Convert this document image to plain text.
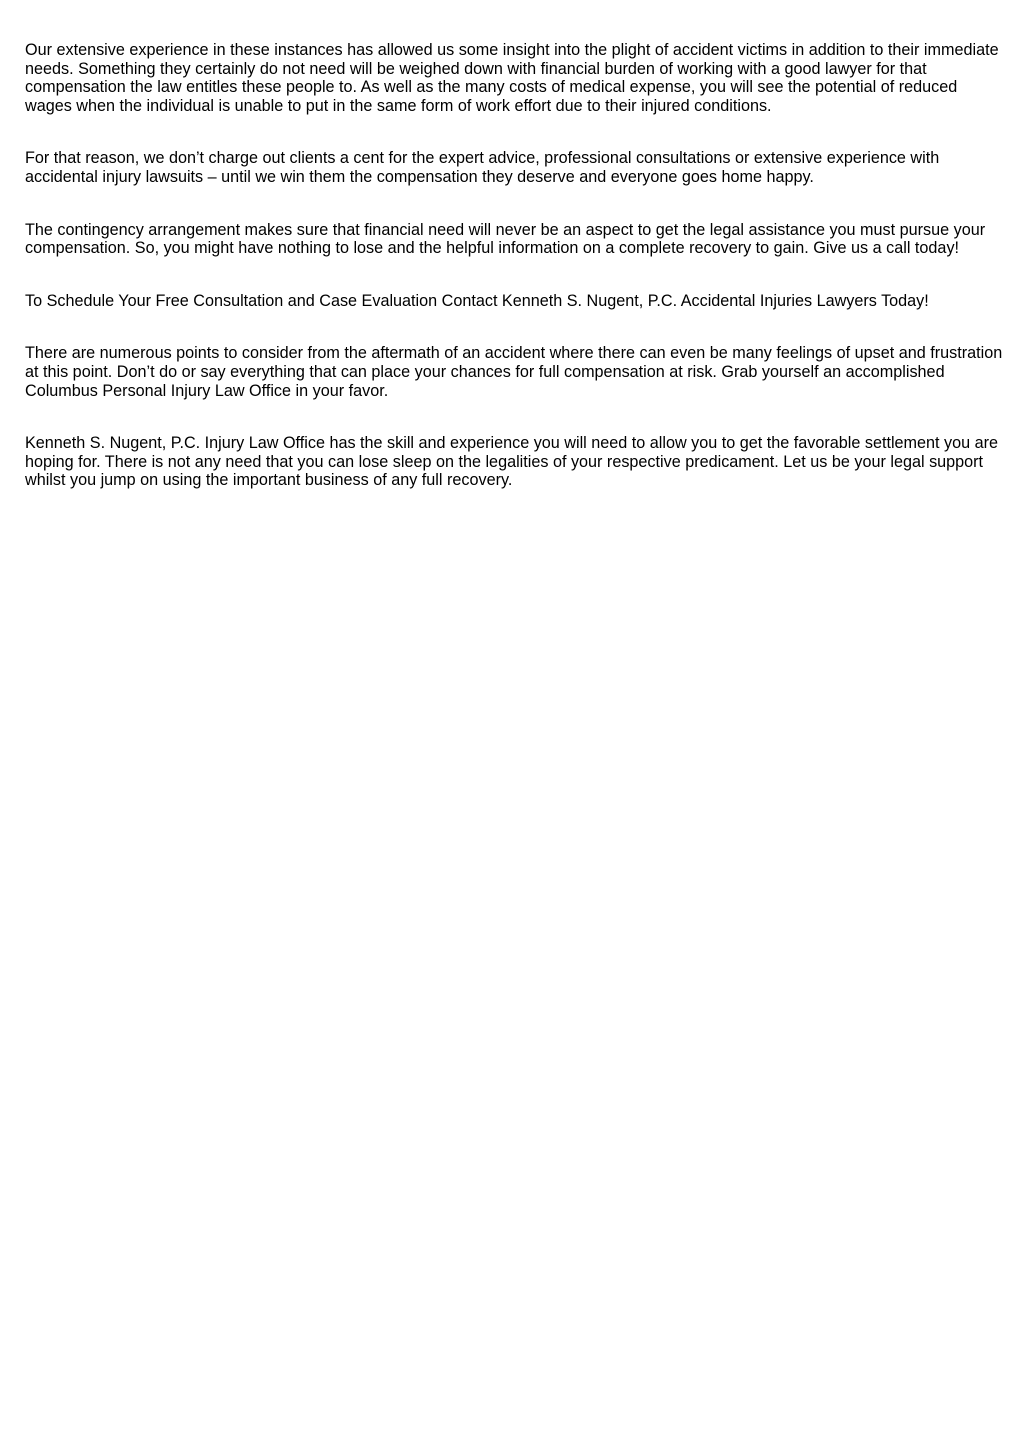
Our extensive experience in these instances has allowed us some insight into the plight of accident victims in addition to their immediate needs. Something they certainly do not need will be weighed down with financial burden of working with a good lawyer for that compensation the law entitles these people to. As well as the many costs of medical expense, you will see the potential of reduced wages when the individual is unable to put in the same form of work effort due to their injured conditions.

For that reason, we don’t charge out clients a cent for the expert advice, professional consultations or extensive experience with accidental injury lawsuits – until we win them the compensation they deserve and everyone goes home happy.

The contingency arrangement makes sure that financial need will never be an aspect to get the legal assistance you must pursue your compensation. So, you might have nothing to lose and the helpful information on a complete recovery to gain. Give us a call today!

To Schedule Your Free Consultation and Case Evaluation Contact Kenneth S. Nugent, P.C. Accidental Injuries Lawyers Today!

There are numerous points to consider from the aftermath of an accident where there can even be many feelings of upset and frustration at this point. Don’t do or say everything that can place your chances for full compensation at risk. Grab yourself an accomplished Columbus Personal Injury Law Office in your favor.

Kenneth S. Nugent, P.C. Injury Law Office has the skill and experience you will need to allow you to get the favorable settlement you are hoping for. There is not any need that you can lose sleep on the legalities of your respective predicament. Let us be your legal support whilst you jump on using the important business of any full recovery.
